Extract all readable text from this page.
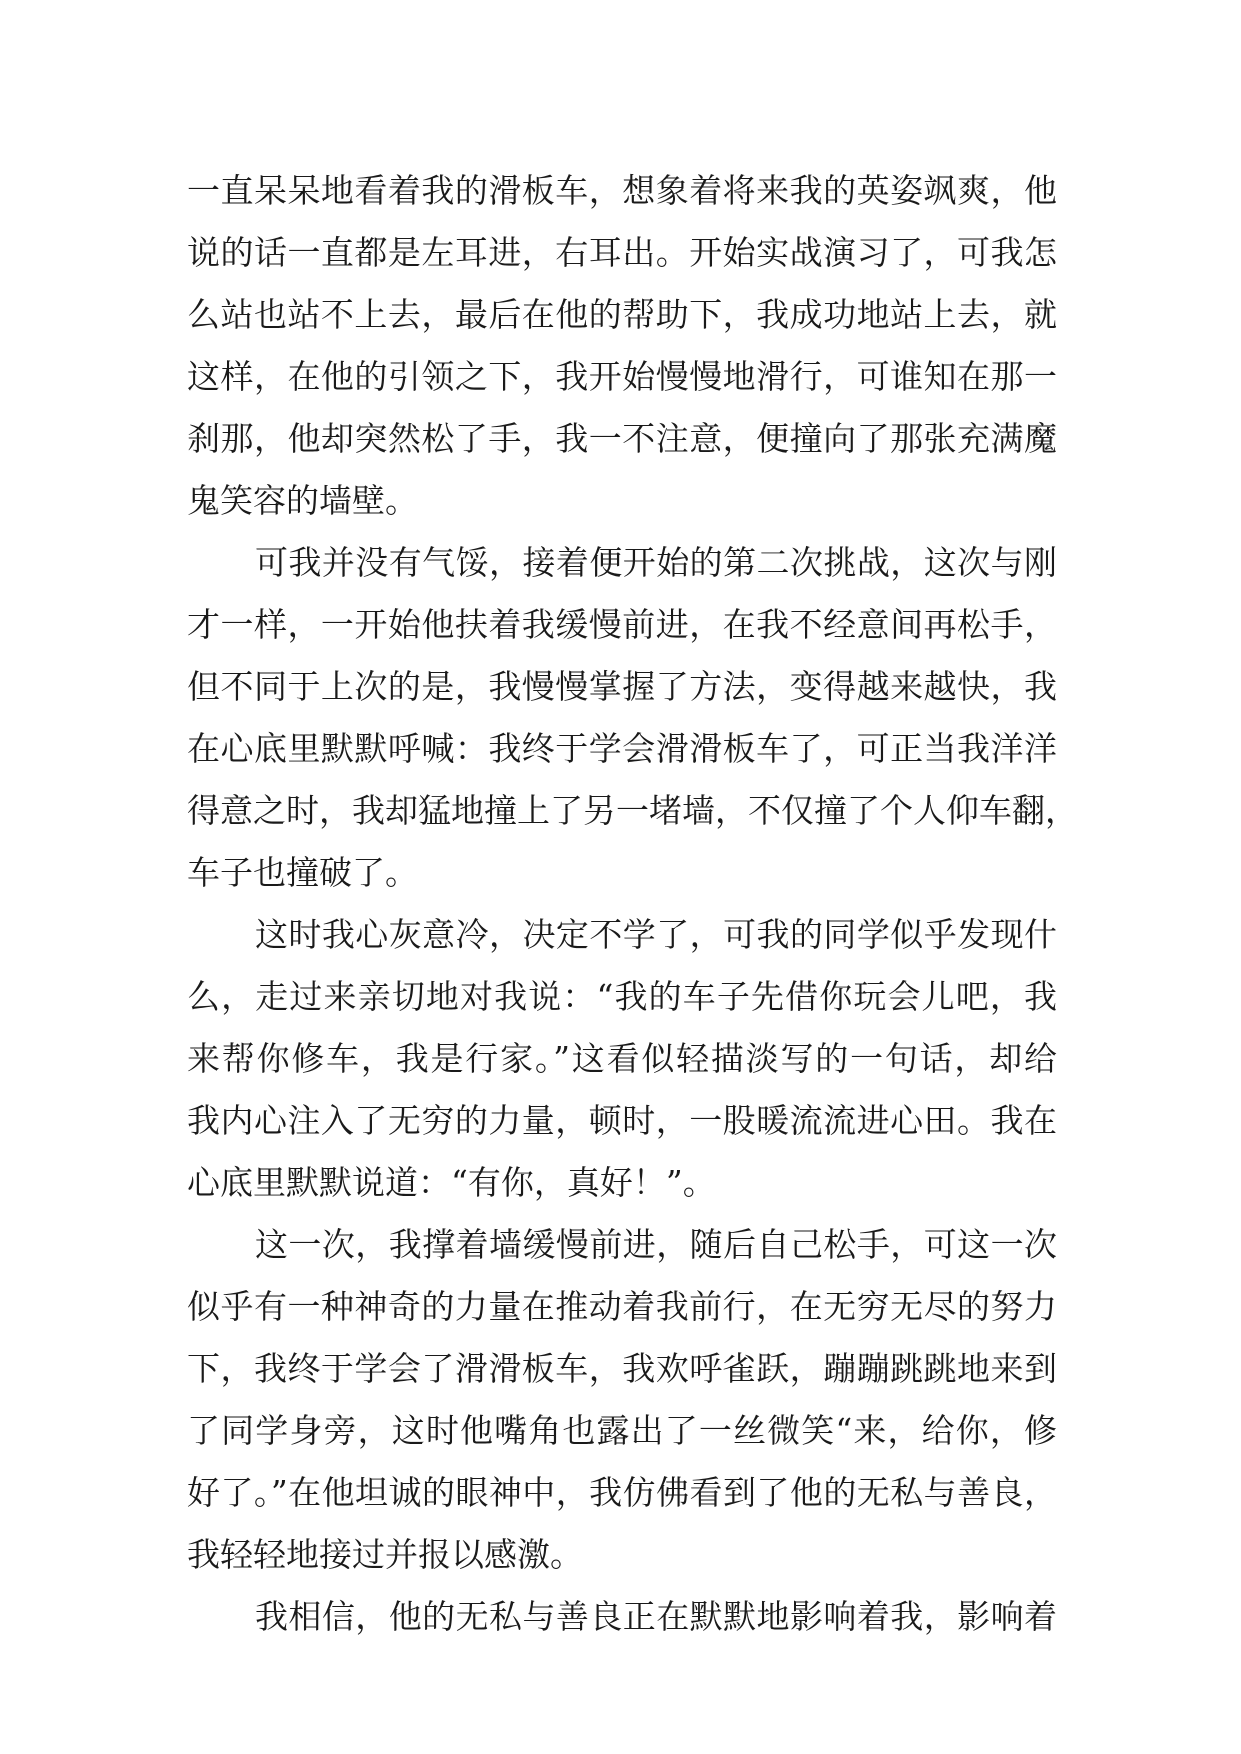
一直呆呆地看着我的滑板车，想象着将来我的英姿飒爽，他
说的话一直都是左耳进，右耳出。开始实战演习了，可我怎
么站也站不上去，最后在他的帮助下，我成功地站上去，就
这样，在他的引领之下，我开始慢慢地滑行，可谁知在那一
刹那，他却突然松了手，我一不注意，便撞向了那张充满魔
鬼笑容的墙壁。
可我并没有气馁，接着便开始的第二次挑战，这次与刚
才一样，一开始他扶着我缓慢前进，在我不经意间再松手，
但不同于上次的是，我慢慢掌握了方法，变得越来越快，我
在心底里默默呼喊：我终于学会滑滑板车了，可正当我洋洋
得意之时，我却猛地撞上了另一堵墙，不仅撞了个人仰车翻，
车子也撞破了。
这时我心灰意冷，决定不学了，可我的同学似乎发现什
么，走过来亲切地对我说：“我的车子先借你玩会儿吧，我
来帮你修车，我是行家。”这看似轻描淡写的一句话，却给
我内心注入了无穷的力量，顿时，一股暖流流进心田。我在
心底里默默说道：“有你，真好！”。
这一次，我撑着墙缓慢前进，随后自己松手，可这一次
似乎有一种神奇的力量在推动着我前行，在无穷无尽的努力
下，我终于学会了滑滑板车，我欢呼雀跃，蹦蹦跳跳地来到
了同学身旁，这时他嘴角也露出了一丝微笑“来，给你，修
好了。”在他坦诚的眼神中，我仿佛看到了他的无私与善良，
我轻轻地接过并报以感激。
我相信，他的无私与善良正在默默地影响着我，影响着
